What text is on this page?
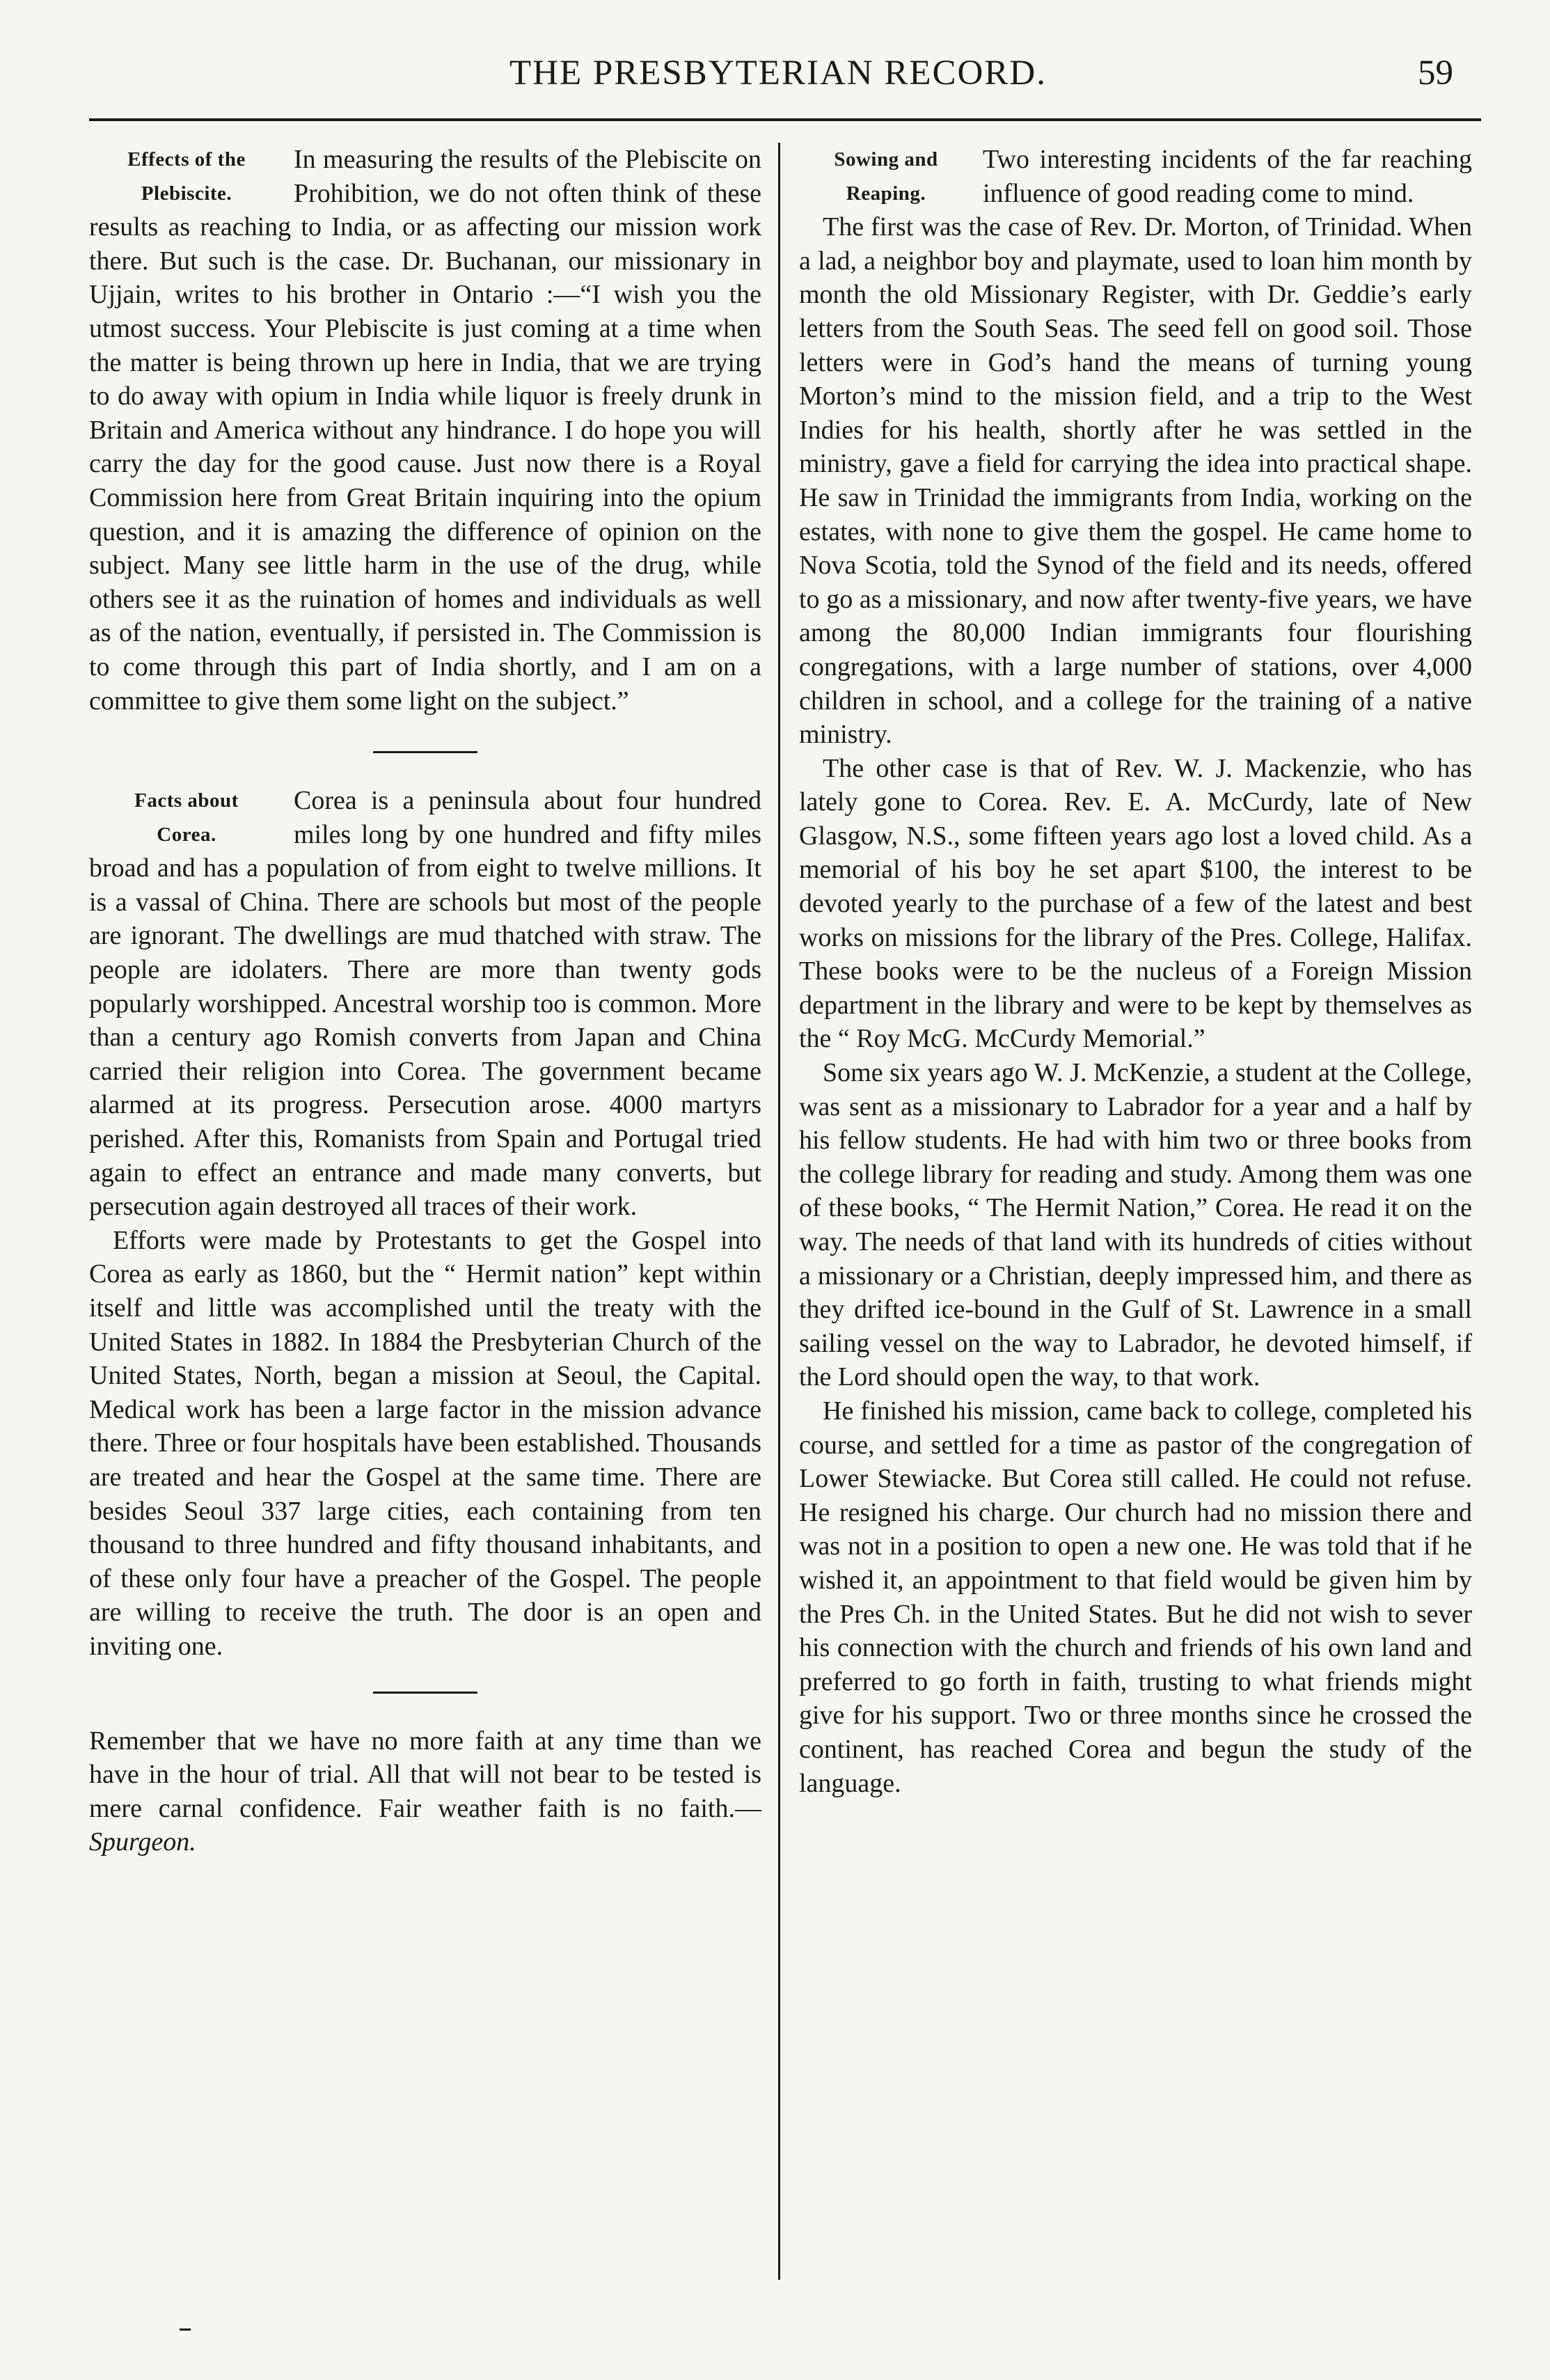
THE PRESBYTERIAN RECORD.	59
Effects of the
Plebiscite.

In measuring the results of the Plebiscite on Prohibition, we do not often think of these results as reaching to India, or as affecting our mission work there. But such is the case. Dr. Buchanan, our missionary in Ujjain, writes to his brother in Ontario :—“I wish you the utmost success. Your Plebiscite is just coming at a time when the matter is being thrown up here in India, that we are trying to do away with opium in India while liquor is freely drunk in Britain and America without any hindrance. I do hope you will carry the day for the good cause. Just now there is a Royal Commission here from Great Britain inquiring into the opium question, and it is amazing the difference of opinion on the subject. Many see little harm in the use of the drug, while others see it as the ruination of homes and individuals as well as of the nation, eventually, if persisted in. The Commission is to come through this part of India shortly, and I am on a committee to give them some light on the subject.”

Facts about
Corea.

Corea is a peninsula about four hundred miles long by one hundred and fifty miles broad and has a population of from eight to twelve millions. It is a vassal of China. There are schools but most of the people are ignorant. The dwellings are mud thatched with straw. The people are idolaters. There are more than twenty gods popularly worshipped. Ancestral worship too is common. More than a century ago Romish converts from Japan and China carried their religion into Corea. The government became alarmed at its progress. Persecution arose. 4000 martyrs perished. After this, Romanists from Spain and Portugal tried again to effect an entrance and made many converts, but persecution again destroyed all traces of their work.

Efforts were made by Protestants to get the Gospel into Corea as early as 1860, but the “ Hermit nation” kept within itself and little was accomplished until the treaty with the United States in 1882. In 1884 the Presbyterian Church of the United States, North, began a mission at Seoul, the Capital. Medical work has been a large factor in the mission advance there. Three or four hospitals have been established. Thousands are treated and hear the Gospel at the same time. There are besides Seoul 337 large cities, each containing from ten thousand to three hundred and fifty thousand inhabitants, and of these only four have a preacher of the Gospel. The people are willing to receive the truth. The door is an open and inviting one.

Remember that we have no more faith at any time than we have in the hour of trial. All that will not bear to be tested is mere carnal confidence. Fair weather faith is no faith.—Spurgeon.

Sowing and
Reaping.

Two interesting incidents of the far reaching influence of good reading come to mind.

The first was the case of Rev. Dr. Morton, of Trinidad. When a lad, a neighbor boy and playmate, used to loan him month by month the old Missionary Register, with Dr. Geddie’s early letters from the South Seas. The seed fell on good soil. Those letters were in God’s hand the means of turning young Morton’s mind to the mission field, and a trip to the West Indies for his health, shortly after he was settled in the ministry, gave a field for carrying the idea into practical shape. He saw in Trinidad the immigrants from India, working on the estates, with none to give them the gospel. He came home to Nova Scotia, told the Synod of the field and its needs, offered to go as a missionary, and now after twenty-five years, we have among the 80,000 Indian immigrants four flourishing congregations, with a large number of stations, over 4,000 children in school, and a college for the training of a native ministry.

The other case is that of Rev. W. J. Mackenzie, who has lately gone to Corea. Rev. E. A. McCurdy, late of New Glasgow, N.S., some fifteen years ago lost a loved child. As a memorial of his boy he set apart $100, the interest to be devoted yearly to the purchase of a few of the latest and best works on missions for the library of the Pres. College, Halifax. These books were to be the nucleus of a Foreign Mission department in the library and were to be kept by themselves as the “ Roy McG. McCurdy Memorial.”

Some six years ago W. J. McKenzie, a student at the College, was sent as a missionary to Labrador for a year and a half by his fellow students. He had with him two or three books from the college library for reading and study. Among them was one of these books, “ The Hermit Nation,” Corea. He read it on the way. The needs of that land with its hundreds of cities without a missionary or a Christian, deeply impressed him, and there as they drifted ice-bound in the Gulf of St. Lawrence in a small sailing vessel on the way to Labrador, he devoted himself, if the Lord should open the way, to that work.

He finished his mission, came back to college, completed his course, and settled for a time as pastor of the congregation of Lower Stewiacke. But Corea still called. He could not refuse. He resigned his charge. Our church had no mission there and was not in a position to open a new one. He was told that if he wished it, an appointment to that field would be given him by the Pres Ch. in the United States. But he did not wish to sever his connection with the church and friends of his own land and preferred to go forth in faith, trusting to what friends might give for his support. Two or three months since he crossed the continent, has reached Corea and begun the study of the language.
